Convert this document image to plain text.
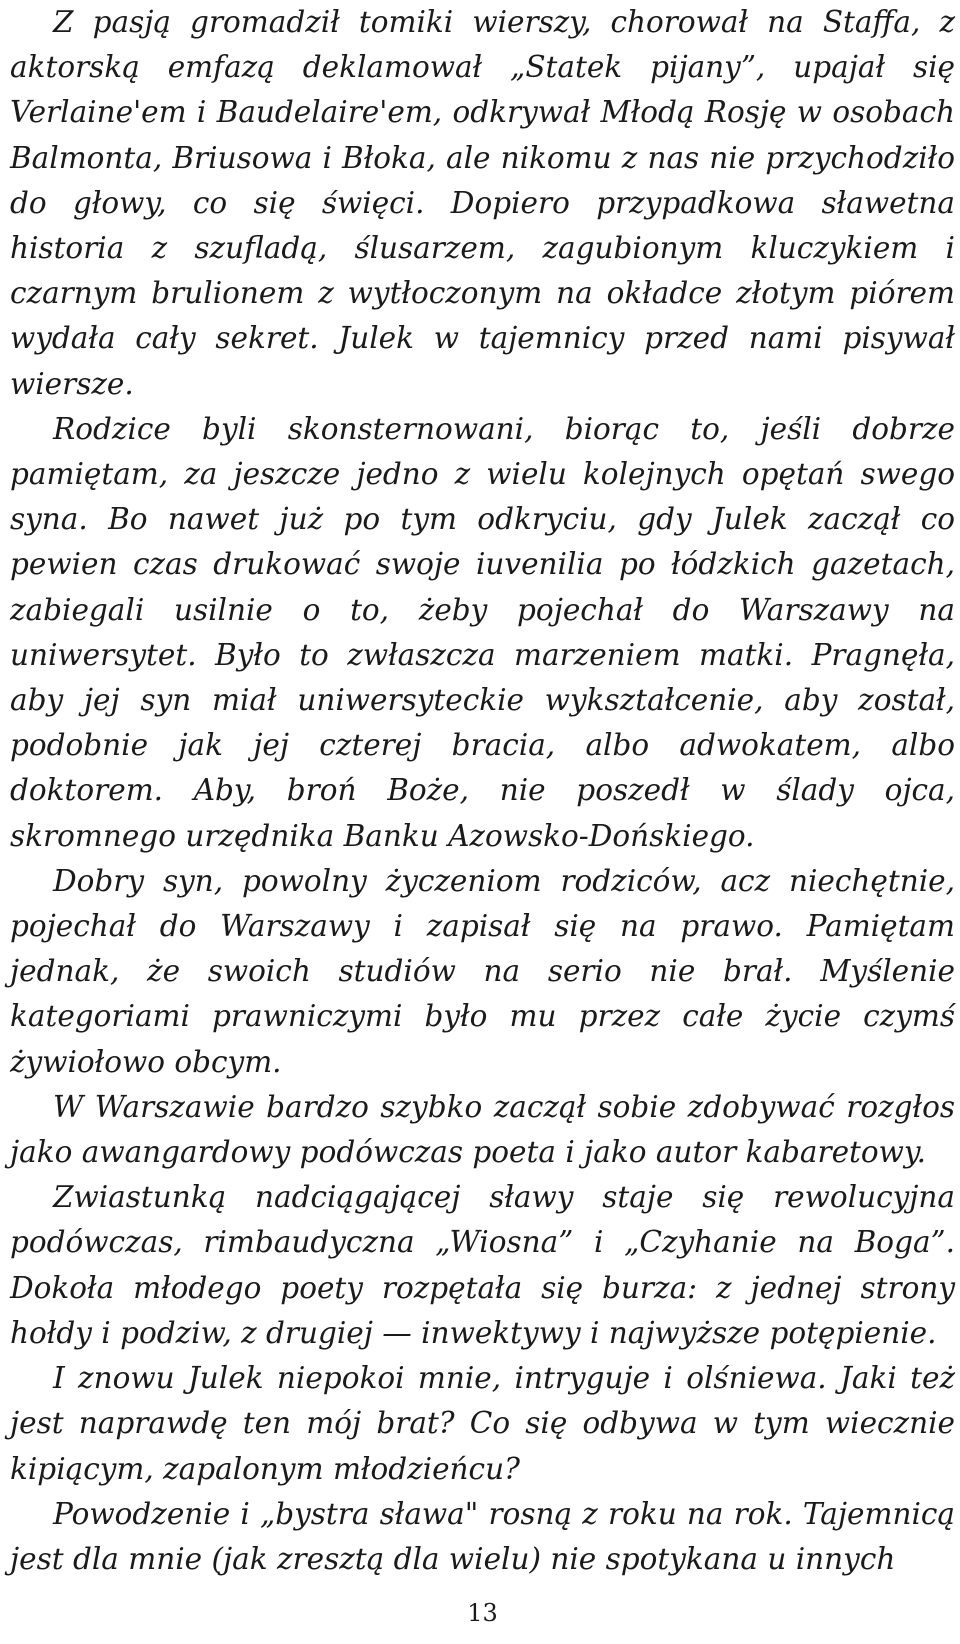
Z pasją gromadził tomiki wierszy, chorował na Staffa, z aktorską emfazą deklamował „Statek pijany”, upajał się Verlaine'em i Baudelaire'em, odkrywał Młodą Rosję w osobach Balmonta, Briusowa i Błoka, ale nikomu z nas nie przychodziło do głowy, co się święci. Dopiero przypadkowa sławetna historia z szufladą, ślusarzem, zagubionym kluczykiem i czarnym brulionem z wytłoczonym na okładce złotym piórem wydała cały sekret. Julek w tajemnicy przed nami pisywał wiersze.

Rodzice byli skonsternowani, biorąc to, jeśli dobrze pamiętam, za jeszcze jedno z wielu kolejnych opętań swego syna. Bo nawet już po tym odkryciu, gdy Julek zaczął co pewien czas drukować swoje iuvenilia po łódzkich gazetach, zabiegali usilnie o to, żeby pojechał do Warszawy na uniwersytet. Było to zwłaszcza marzeniem matki. Pragnęła, aby jej syn miał uniwersyteckie wykształcenie, aby został, podobnie jak jej czterej bracia, albo adwokatem, albo doktorem. Aby, broń Boże, nie poszedł w ślady ojca, skromnego urzędnika Banku Azowsko-Dońskiego.

Dobry syn, powolny życzeniom rodziców, acz niechętnie, pojechał do Warszawy i zapisał się na prawo. Pamiętam jednak, że swoich studiów na serio nie brał. Myślenie kategoriami prawniczymi było mu przez całe życie czymś żywiołowo obcym.

W Warszawie bardzo szybko zaczął sobie zdobywać rozgłos jako awangardowy podówczas poeta i jako autor kabaretowy.

Zwiastunką nadciągającej sławy staje się rewolucyjna podówczas, rimbaudyczna „Wiosna” i „Czyhanie na Boga”. Dokoła młodego poety rozpętała się burza: z jednej strony hołdy i podziw, z drugiej — inwektywy i najwyższe potępienie.

I znowu Julek niepokoi mnie, intryguje i olśniewa. Jaki też jest naprawdę ten mój brat? Co się odbywa w tym wiecznie kipiącym, zapalonym młodzieńcu?

Powodzenie i „bystra sława" rosną z roku na rok. Tajemnicą jest dla mnie (jak zresztą dla wielu) nie spotykana u innych

13
